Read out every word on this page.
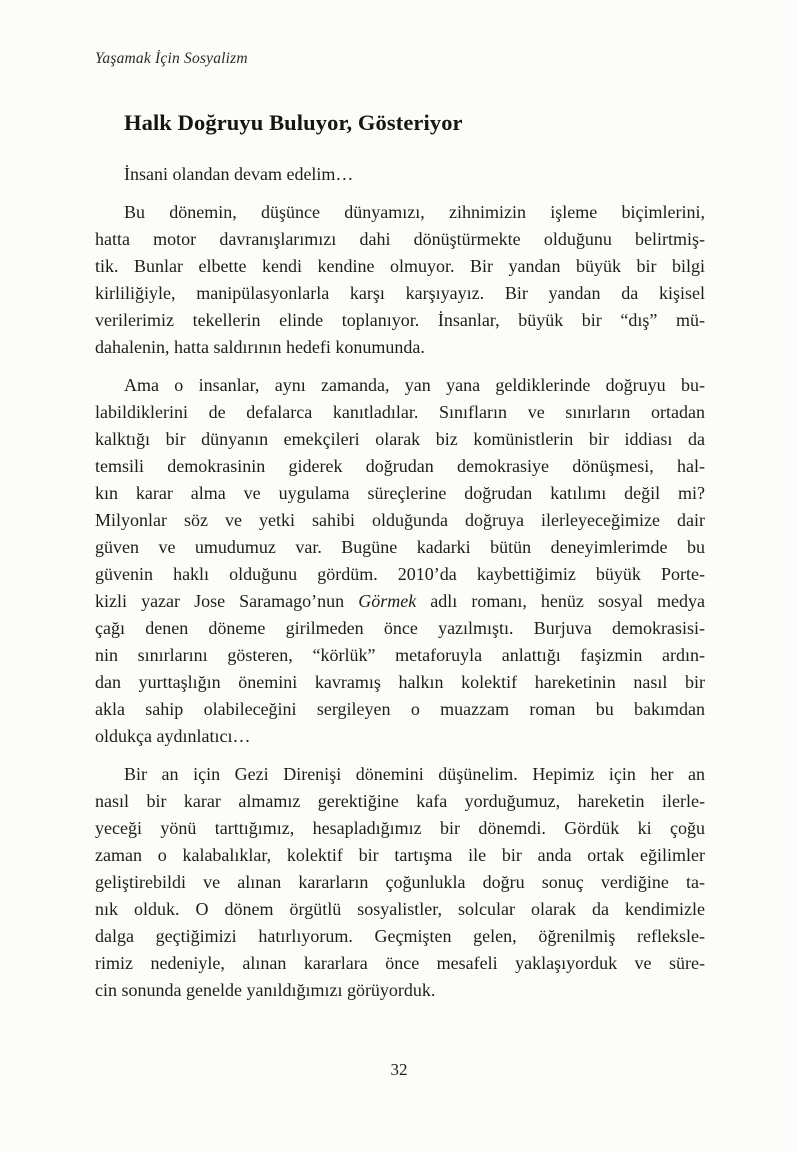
Yaşamak İçin Sosyalizm
Halk Doğruyu Buluyor, Gösteriyor

İnsani olandan devam edelim…

Bu dönemin, düşünce dünyamızı, zihnimizin işleme biçimlerini,
hatta motor davranışlarımızı dahi dönüştürmekte olduğunu belirtmiş-
tik. Bunlar elbette kendi kendine olmuyor. Bir yandan büyük bir bilgi
kirliliğiyle, manipülasyonlarla karşı karşıyayız. Bir yandan da kişisel
verilerimiz tekellerin elinde toplanıyor. İnsanlar, büyük bir “dış” mü-
dahalenin, hatta saldırının hedefi konumunda.

Ama o insanlar, aynı zamanda, yan yana geldiklerinde doğruyu bu-
labildiklerini de defalarca kanıtladılar. Sınıfların ve sınırların ortadan
kalktığı bir dünyanın emekçileri olarak biz komünistlerin bir iddiası da
temsili demokrasinin giderek doğrudan demokrasiye dönüşmesi, hal-
kın karar alma ve uygulama süreçlerine doğrudan katılımı değil mi?
Milyonlar söz ve yetki sahibi olduğunda doğruya ilerleyeceğimize dair
güven ve umudumuz var. Bugüne kadarki bütün deneyimlerimde bu
güvenin haklı olduğunu gördüm. 2010’da kaybettiğimiz büyük Porte-
kizli yazar Jose Saramago’nun Görmek adlı romanı, henüz sosyal medya
çağı denen döneme girilmeden önce yazılmıştı. Burjuva demokrasisi-
nin sınırlarını gösteren, “körlük” metaforuyla anlattığı faşizmin ardın-
dan yurttaşlığın önemini kavramış halkın kolektif hareketinin nasıl bir
akla sahip olabileceğini sergileyen o muazzam roman bu bakımdan
oldukça aydınlatıcı…

Bir an için Gezi Direnişi dönemini düşünelim. Hepimiz için her an
nasıl bir karar almamız gerektiğine kafa yorduğumuz, hareketin ilerle-
yeceği yönü tarttığımız, hesapladığımız bir dönemdi. Gördük ki çoğu
zaman o kalabalıklar, kolektif bir tartışma ile bir anda ortak eğilimler
geliştirebildi ve alınan kararların çoğunlukla doğru sonuç verdiğine ta-
nık olduk. O dönem örgütlü sosyalistler, solcular olarak da kendimizle
dalga geçtiğimizi hatırlıyorum. Geçmişten gelen, öğrenilmiş refleksle-
rimiz nedeniyle, alınan kararlara önce mesafeli yaklaşıyorduk ve süre-
cin sonunda genelde yanıldığımızı görüyorduk.

32
